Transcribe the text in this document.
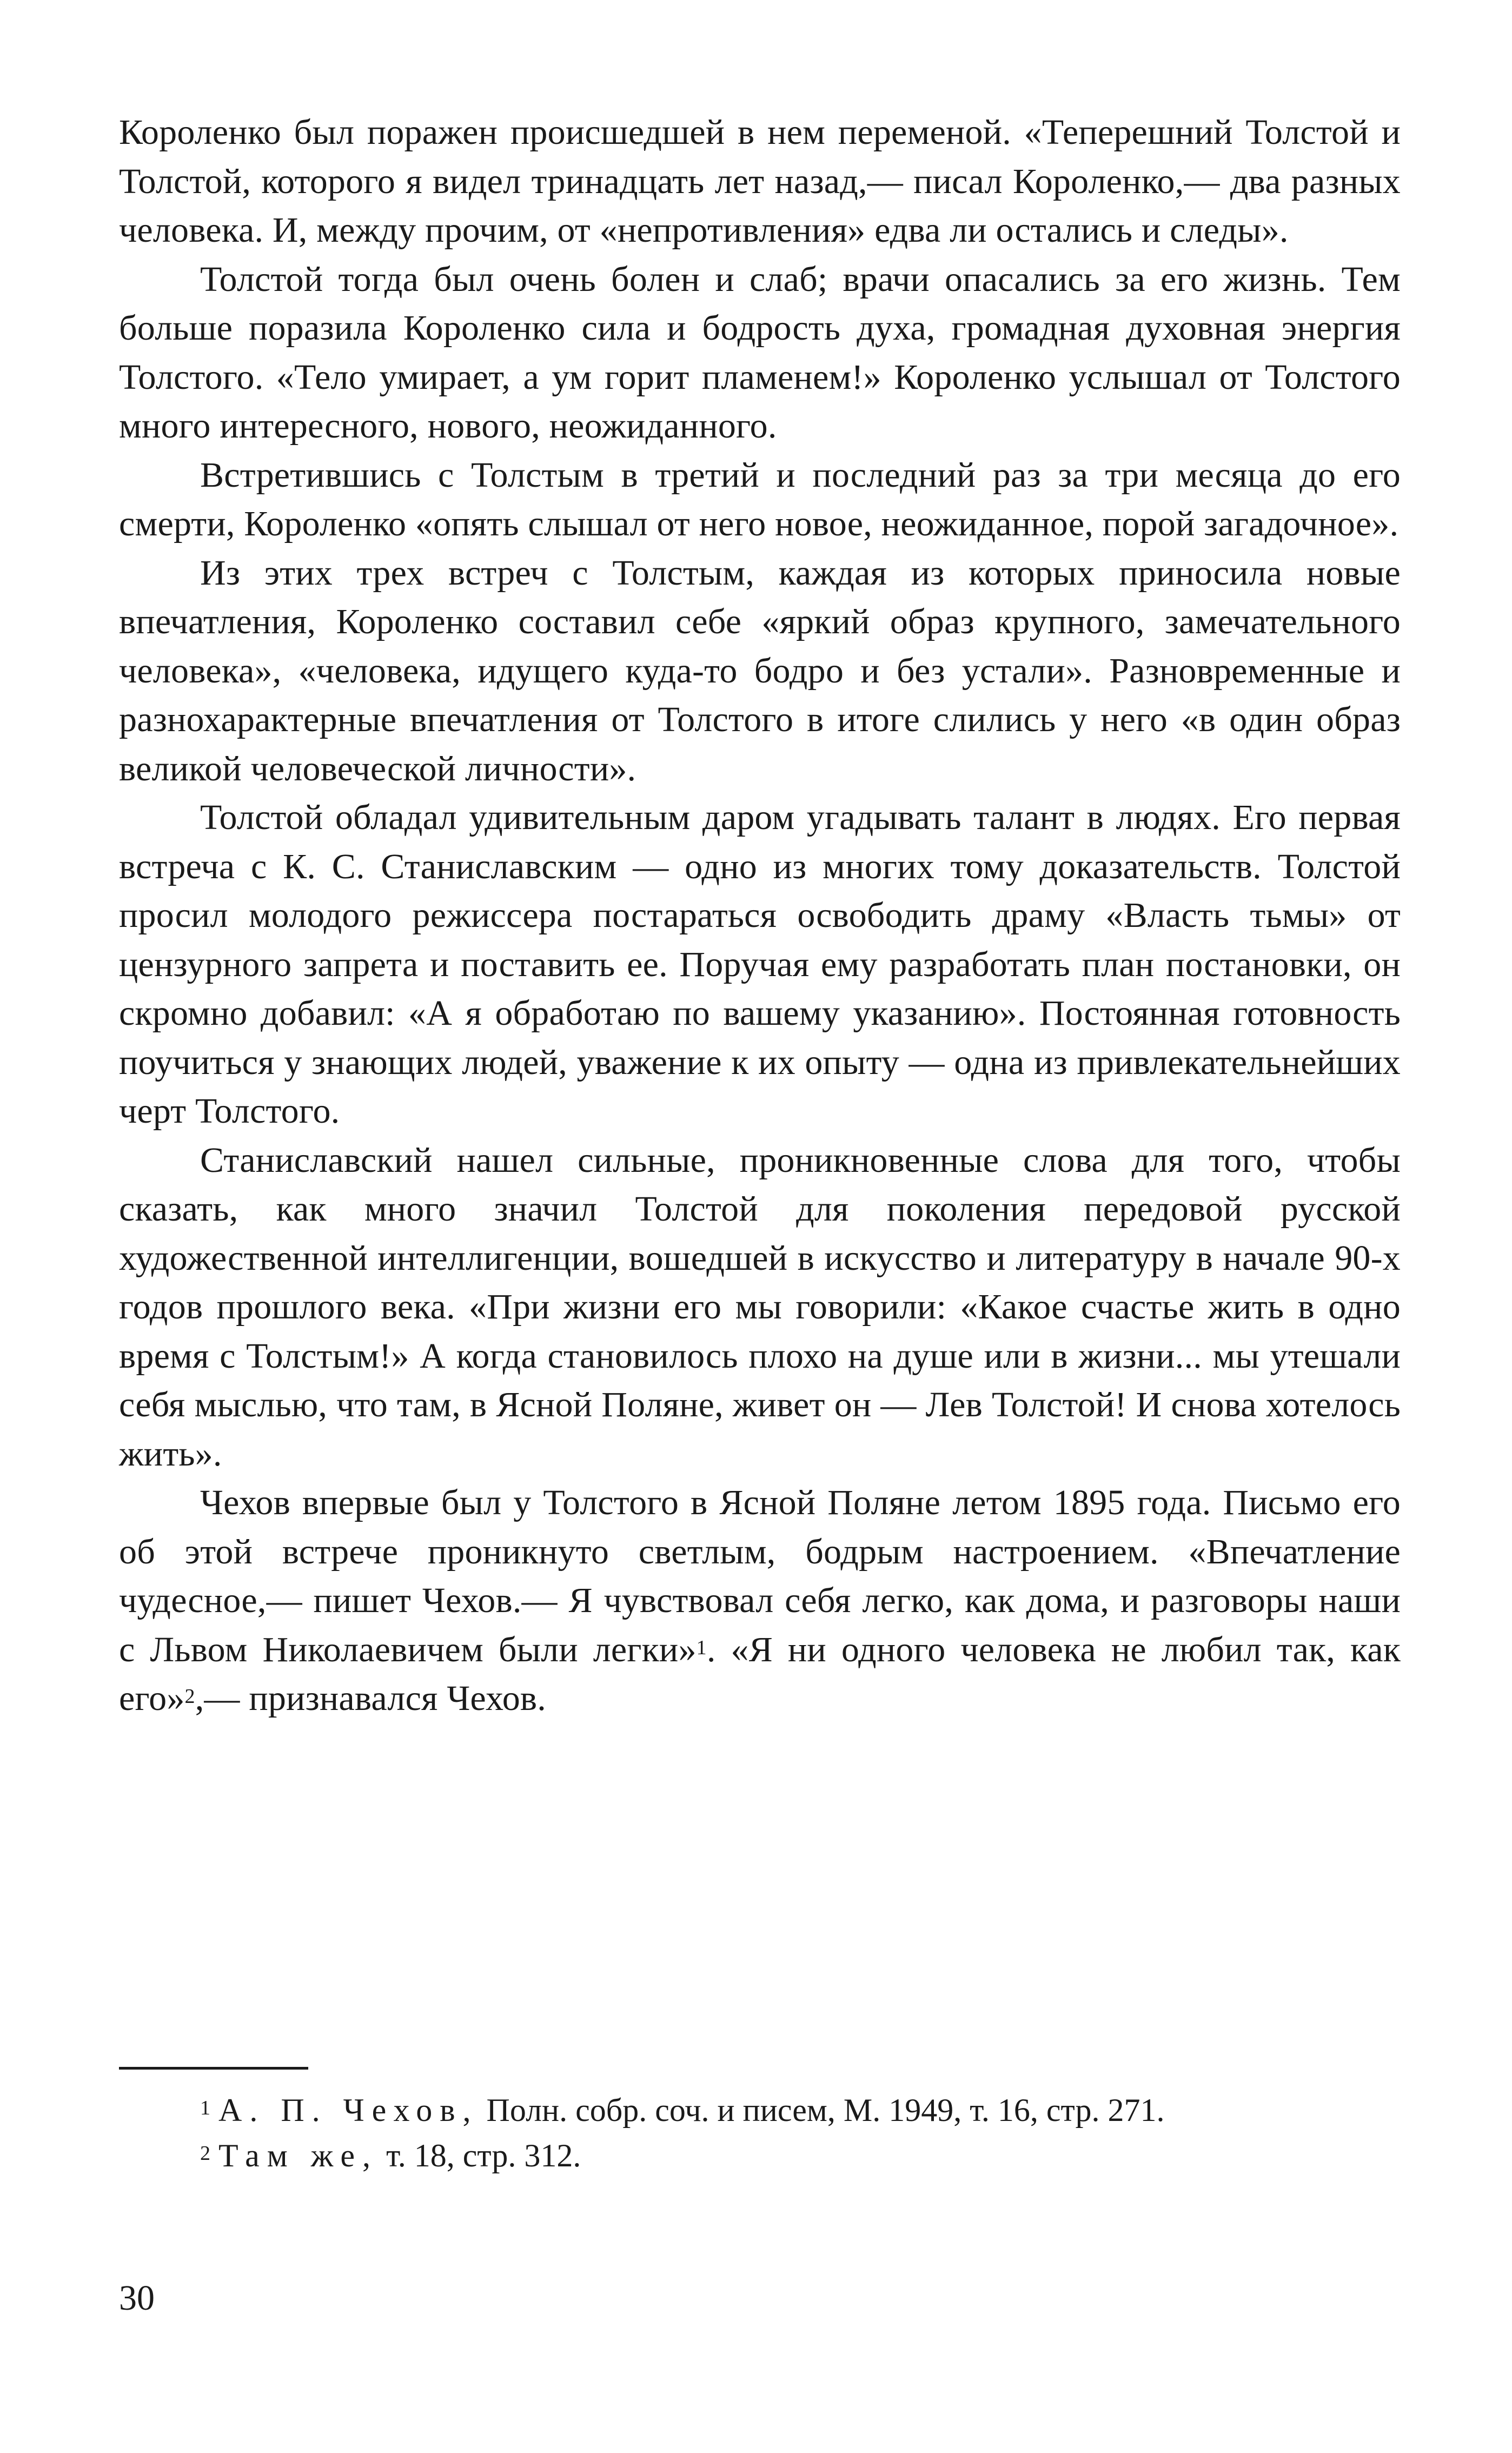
Короленко был поражен происшедшей в нем переменой. «Теперешний Толстой и Толстой, которого я видел тринадцать лет назад,— писал Короленко,— два разных человека. И, между прочим, от «непротивления» едва ли остались и следы».

Толстой тогда был очень болен и слаб; врачи опасались за его жизнь. Тем больше поразила Короленко сила и бодрость духа, громадная духовная энергия Толстого. «Тело умирает, а ум горит пламенем!» Короленко услышал от Толстого много интересного, нового, неожиданного.

Встретившись с Толстым в третий и последний раз за три месяца до его смерти, Короленко «опять слышал от него новое, неожиданное, порой загадочное».

Из этих трех встреч с Толстым, каждая из которых приносила новые впечатления, Короленко составил себе «яркий образ крупного, замечательного человека», «человека, идущего куда-то бодро и без устали». Разновременные и разнохарактерные впечатления от Толстого в итоге слились у него «в один образ великой человеческой личности».

Толстой обладал удивительным даром угадывать талант в людях. Его первая встреча с К. С. Станиславским — одно из многих тому доказательств. Толстой просил молодого режиссера постараться освободить драму «Власть тьмы» от цензурного запрета и поставить ее. Поручая ему разработать план постановки, он скромно добавил: «А я обработаю по вашему указанию». Постоянная готовность поучиться у знающих людей, уважение к их опыту — одна из привлекательнейших черт Толстого.

Станиславский нашел сильные, проникновенные слова для того, чтобы сказать, как много значил Толстой для поколения передовой русской художественной интеллигенции, вошедшей в искусство и литературу в начале 90-х годов прошлого века. «При жизни его мы говорили: «Какое счастье жить в одно время с Толстым!» А когда становилось плохо на душе или в жизни... мы утешали себя мыслью, что там, в Ясной Поляне, живет он — Лев Толстой! И снова хотелось жить».

Чехов впервые был у Толстого в Ясной Поляне летом 1895 года. Письмо его об этой встрече проникнуто светлым, бодрым настроением. «Впечатление чудесное,— пишет Чехов.— Я чувствовал себя легко, как дома, и разговоры наши с Львом Николаевичем были легки»$^1$. «Я ни одного человека не любил так, как его»$^2$,— признавался Чехов.

$^1$ А. П. Чехов, Полн. собр. соч. и писем, М. 1949, т. 16, стр. 271.

$^2$ Там же, т. 18, стр. 312.

30
